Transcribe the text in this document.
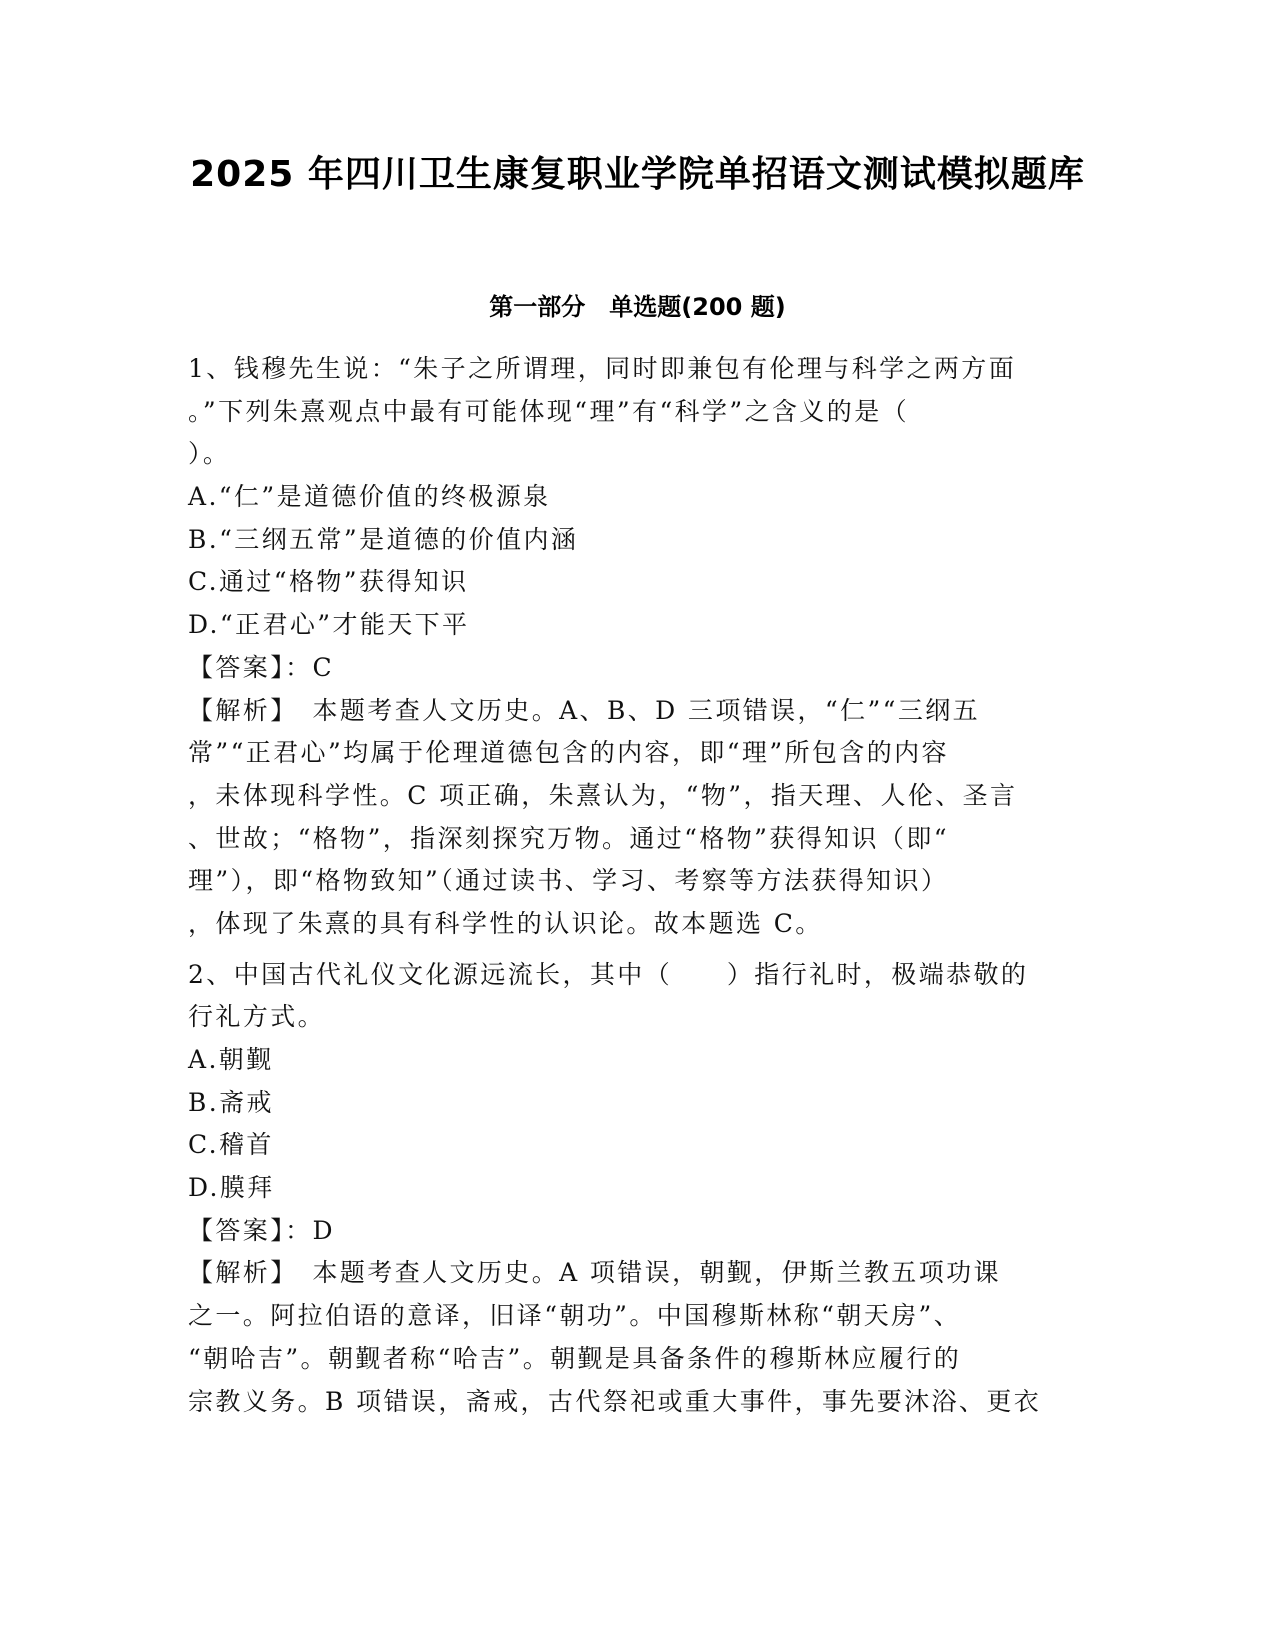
2025 年四川卫生康复职业学院单招语文测试模拟题库
第一部分　单选题(200 题)
1、钱穆先生说：“朱子之所谓理，同时即兼包有伦理与科学之两方面
。”下列朱熹观点中最有可能体现“理”有“科学”之含义的是（
）。
A.“仁”是道德价值的终极源泉
B.“三纲五常”是道德的价值内涵
C.通过“格物”获得知识
D.“正君心”才能天下平
【答案】：C
【解析】　本题考查人文历史。A、B、D 三项错误，“仁”“三纲五
常”“正君心”均属于伦理道德包含的内容，即“理”所包含的内容
，未体现科学性。C 项正确，朱熹认为，“物”，指天理、人伦、圣言
、世故；“格物”，指深刻探究万物。通过“格物”获得知识（即“
理”），即“格物致知”（通过读书、学习、考察等方法获得知识）
，体现了朱熹的具有科学性的认识论。故本题选 C。
2、中国古代礼仪文化源远流长，其中（　　）指行礼时，极端恭敬的
行礼方式。
A.朝觐
B.斋戒
C.稽首
D.膜拜
【答案】：D
【解析】　本题考查人文历史。A 项错误，朝觐，伊斯兰教五项功课
之一。阿拉伯语的意译，旧译“朝功”。中国穆斯林称“朝天房”、
“朝哈吉”。朝觐者称“哈吉”。朝觐是具备条件的穆斯林应履行的
宗教义务。B 项错误，斋戒，古代祭祀或重大事件，事先要沐浴、更衣
